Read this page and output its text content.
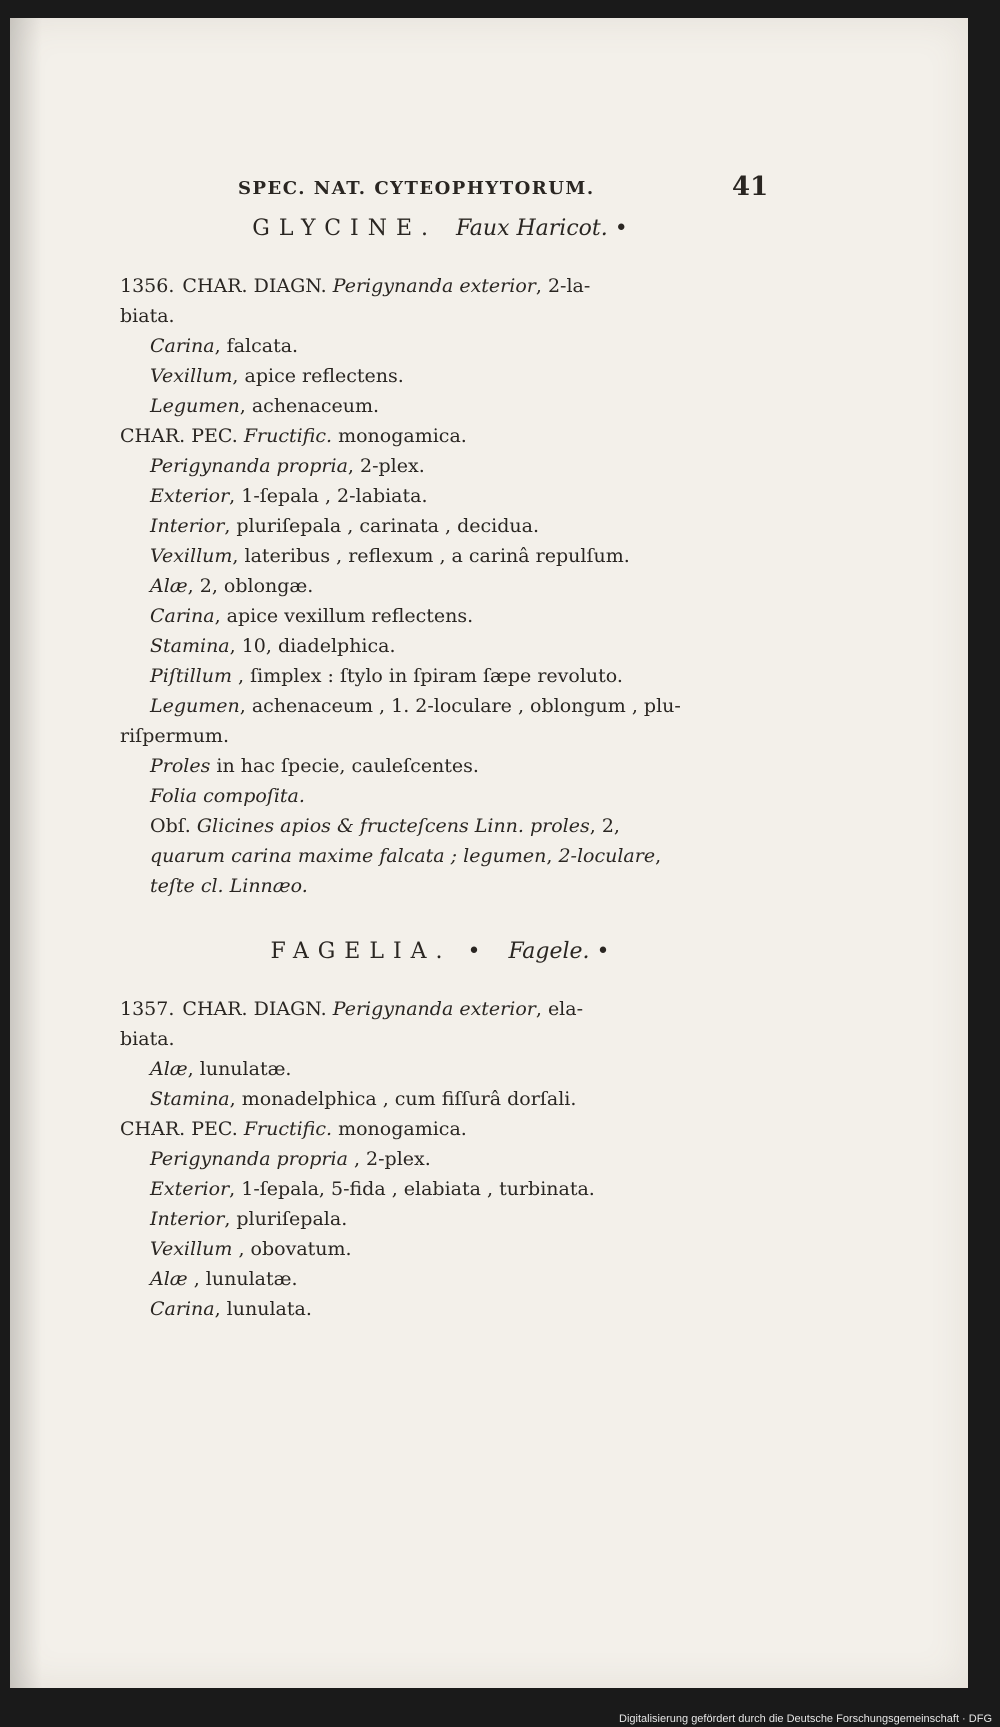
SPEC. NAT. CYTEOPHYTORUM.	41
GLYCINE. Faux Haricot. •
1356. CHAR. DIAGN. Perigynanda exterior, 2-la-
biata.
Carina, falcata.
Vexillum, apice reflectens.
Legumen, achenaceum.
CHAR. PEC. Fructific. monogamica.
Perigynanda propria, 2-plex.
Exterior, 1-ſepala , 2-labiata.
Interior, pluriſepala , carinata , decidua.
Vexillum, lateribus , reflexum , a carinâ repulſum.
Alæ, 2, oblongæ.
Carina, apice vexillum reflectens.
Stamina, 10, diadelphica.
Piſtillum , ſimplex : ſtylo in ſpiram ſæpe revoluto.
Legumen, achenaceum , 1. 2-loculare , oblongum , plu-
riſpermum.
Proles in hac ſpecie, cauleſcentes.
Folia compoſita.
Obſ. Glicines apios & fructeſcens Linn. proles, 2,
quarum carina maxime falcata ; legumen, 2-loculare,
teſte cl. Linnæo.
FAGELIA. • Fagele. •
1357. CHAR. DIAGN. Perigynanda exterior, ela-
biata.
Alæ, lunulatæ.
Stamina, monadelphica , cum fiſſurâ dorſali.
CHAR. PEC. Fructific. monogamica.
Perigynanda propria , 2-plex.
Exterior, 1-ſepala, 5-fida , elabiata , turbinata.
Interior, pluriſepala.
Vexillum , obovatum.
Alæ , lunulatæ.
Carina, lunulata.
Digitalisierung gefördert durch die Deutsche Forschungsgemeinschaft · DFG
